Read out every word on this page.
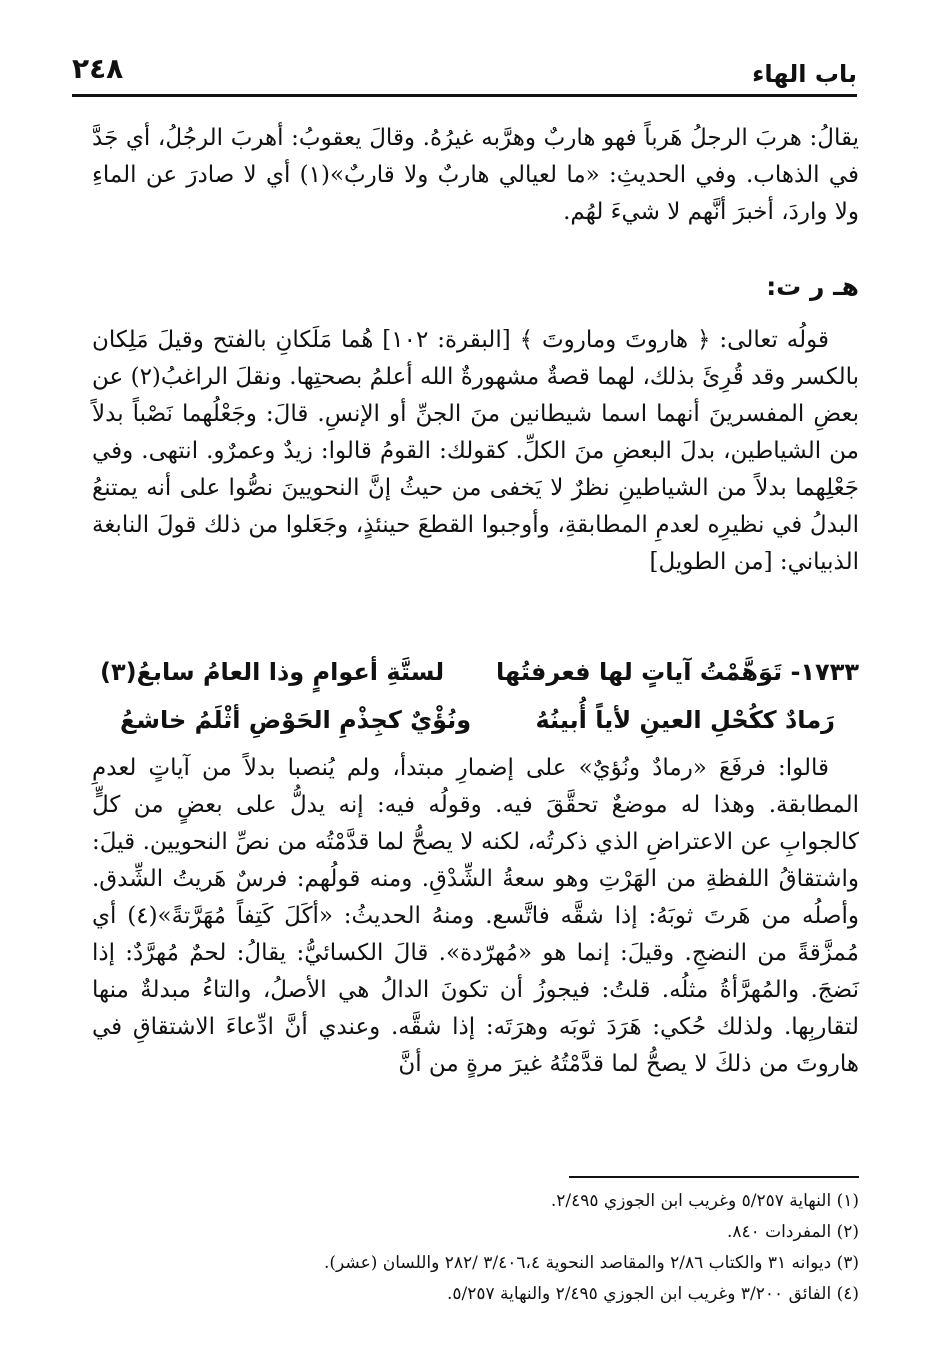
باب الهاء
٢٤٨
يقالُ: هربَ الرجلُ هَرباً فهو هاربٌ وهرَّبه غيرُهُ. وقالَ يعقوبُ: أهربَ الرجُلُ، أي جَدَّ في الذهاب. وفي الحديثِ: «ما لعيالي هاربٌ ولا قاربٌ»(١) أي لا صادرَ عن الماءِ ولا واردَ، أخبرَ أنَّهم لا شيءَ لهُم.
هـ ر ت:
قولُه تعالى: ﴿ هاروتَ وماروتَ ﴾ [البقرة: ١٠٢] هُما مَلَكانِ بالفتح وقيلَ مَلِكان بالكسر وقد قُرِئَ بذلك، لهما قصةٌ مشهورةٌ الله أعلمُ بصحتِها. ونقلَ الراغبُ(٢) عن بعضِ المفسرينَ أنهما اسما شيطانين منَ الجنِّ أو الإنسِ. قالَ: وجَعْلُهما نَصْباً بدلاً من الشياطين، بدلَ البعضِ منَ الكلِّ. كقولك: القومُ قالوا: زيدٌ وعمرٌو. انتهى. وفي جَعْلِهما بدلاً من الشياطينِ نظرٌ لا يَخفى من حيثُ إنَّ النحويينَ نصُّوا على أنه يمتنعُ البدلُ في نظيرِه لعدمِ المطابقةِ، وأوجبوا القطعَ حينئذٍ، وجَعَلوا من ذلك قولَ النابغة الذبياني: [من الطويل]
١٧٣٣- تَوَهَّمْتُ آياتٍ لها فعرفتُها
لستَّةِ أعوامٍ وذا العامُ سابعُ(٣)
رَمادٌ ككُحْلِ العينِ لأياً أُبينُهُ
ونُؤْيٌ كجِذْمِ الحَوْضِ أثْلَمُ خاشعُ
قالوا: فرفَعَ «رمادٌ ونُؤيٌ» على إضمارِ مبتدأ، ولم يُنصبا بدلاً من آياتٍ لعدمِ المطابقة. وهذا له موضعٌ تحقَّقَ فيه. وقولُه فيه: إنه يدلُّ على بعضٍ من كلٍّ كالجوابِ عن الاعتراضِ الذي ذكرتُه، لكنه لا يصحُّ لما قدَّمْتُه من نصِّ النحويين. قيلَ: واشتقاقُ اللفظةِ من الهَرْتِ وهو سعةُ الشِّدْقِ. ومنه قولُهم: فرسٌ هَريتُ الشِّدق. وأصلُه من هَرتَ ثوبَهُ: إذا شقَّه فاتَّسع. ومنهُ الحديثُ: «أكَلَ كَتِفاً مُهَرَّتةً»(٤) أي مُمزَّقةً من النضجِ. وقيلَ: إنما هو «مُهرّدة». قالَ الكسائيُّ: يقالُ: لحمٌ مُهرَّدٌ: إذا نَضجَ. والمُهرَّأةُ مثلُه. قلتُ: فيجوزُ أن تكونَ الدالُ هي الأصلُ، والتاءُ مبدلةٌ منها لتقاربِها. ولذلك حُكي: هَرَدَ ثوبَه وهرَتَه: إذا شقَّه. وعندي أنَّ ادِّعاءَ الاشتقاقِ في هاروتَ من ذلكَ لا يصحُّ لما قدَّمْتُهُ غيرَ مرةٍ من أنَّ
(١) النهاية ٥/٢٥٧ وغريب ابن الجوزي ٢/٤٩٥.
(٢) المفردات ٨٤٠.
(٣) ديوانه ٣١ والكتاب ٢/٨٦ والمقاصد النحوية ٣/٤٠٦،٤ /٢٨٢ واللسان (عشر).
(٤) الفائق ٣/٢٠٠ وغريب ابن الجوزي ٢/٤٩٥ والنهاية ٥/٢٥٧.
